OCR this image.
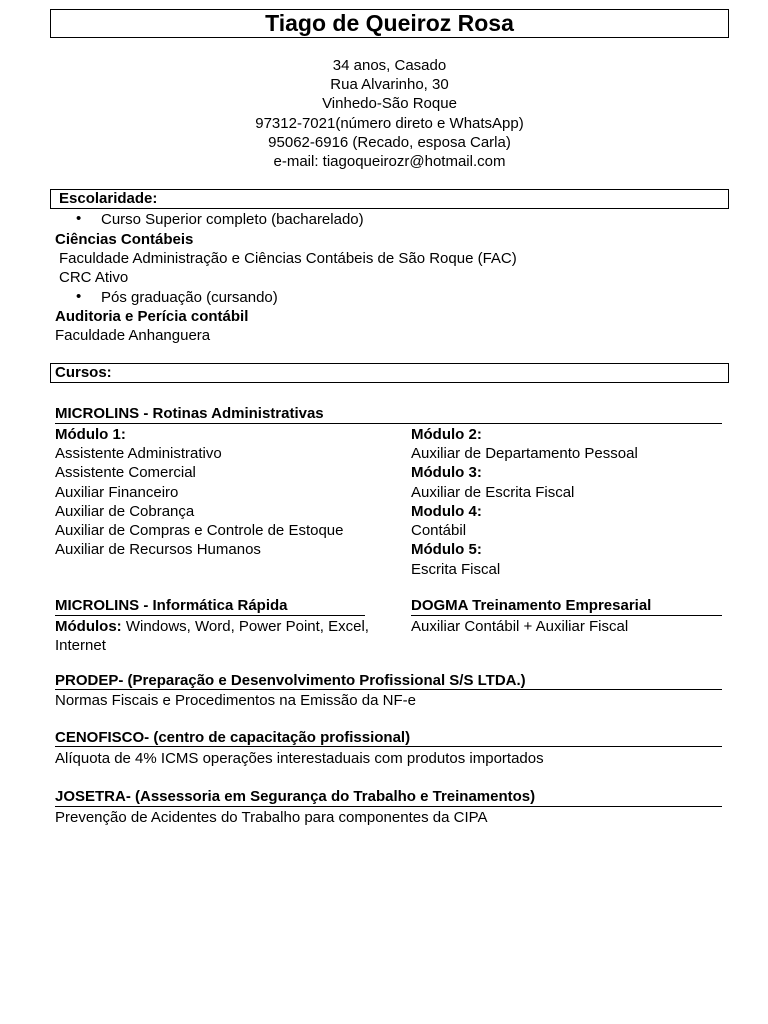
Tiago de Queiroz Rosa
34 anos, Casado
Rua Alvarinho, 30
Vinhedo-São Roque
97312-7021(número direto e WhatsApp)
95062-6916 (Recado, esposa Carla)
e-mail: tiagoqueirozr@hotmail.com
Escolaridade:
• Curso Superior completo (bacharelado)
Ciências Contábeis
Faculdade Administração e Ciências Contábeis de São Roque (FAC)
CRC Ativo
• Pós graduação (cursando)
Auditoria e Perícia contábil
Faculdade Anhanguera
Cursos:
MICROLINS - Rotinas Administrativas
Módulo 1:
Assistente Administrativo
Assistente Comercial
Auxiliar Financeiro
Auxiliar de Cobrança
Auxiliar de Compras e Controle de Estoque
Auxiliar de Recursos Humanos
Módulo 2:
Auxiliar de Departamento Pessoal
Módulo 3:
Auxiliar de Escrita Fiscal
Modulo 4:
Contábil
Módulo 5:
Escrita Fiscal
MICROLINS - Informática Rápida
Módulos: Windows, Word, Power Point, Excel,
Internet
DOGMA Treinamento Empresarial
Auxiliar Contábil + Auxiliar Fiscal
PRODEP- (Preparação e Desenvolvimento Profissional S/S LTDA.)
Normas Fiscais e Procedimentos na Emissão da NF-e
CENOFISCO- (centro de capacitação profissional)
Alíquota de 4% ICMS operações interestaduais com produtos importados
JOSETRA- (Assessoria em Segurança do Trabalho e Treinamentos)
Prevenção de Acidentes do Trabalho para componentes da CIPA
